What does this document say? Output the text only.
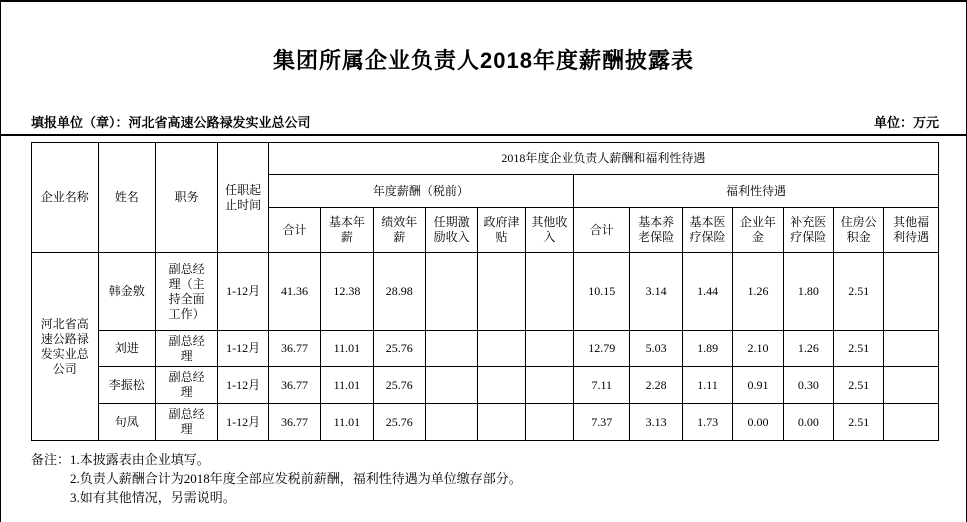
集团所属企业负责人2018年度薪酬披露表
填报单位（章）：河北省高速公路禄发实业总公司	单位：万元
企业名称	姓名	职务	任职起止时间	2018年度企业负责人薪酬和福利性待遇												
				年度薪酬（税前）						福利性待遇						
				合计	基本年薪	绩效年薪	任期激励收入	政府津贴	其他收入	合计	基本养老保险	基本医疗保险	企业年金	补充医疗保险	住房公积金	其他福利待遇
河北省高速公路禄发实业总公司	韩金敫	副总经理（主持全面工作）	1-12月	41.36	12.38	28.98				10.15	3.14	1.44	1.26	1.80	2.51	
	刘进	副总经理	1-12月	36.77	11.01	25.76				12.79	5.03	1.89	2.10	1.26	2.51	
	李振松	副总经理	1-12月	36.77	11.01	25.76				7.11	2.28	1.11	0.91	0.30	2.51	
	句凤	副总经理	1-12月	36.77	11.01	25.76				7.37	3.13	1.73	0.00	0.00	2.51	
备注： 1.本披露表由企业填写。
2.负责人薪酬合计为2018年度全部应发税前薪酬，福利性待遇为单位缴存部分。
3.如有其他情况，另需说明。
